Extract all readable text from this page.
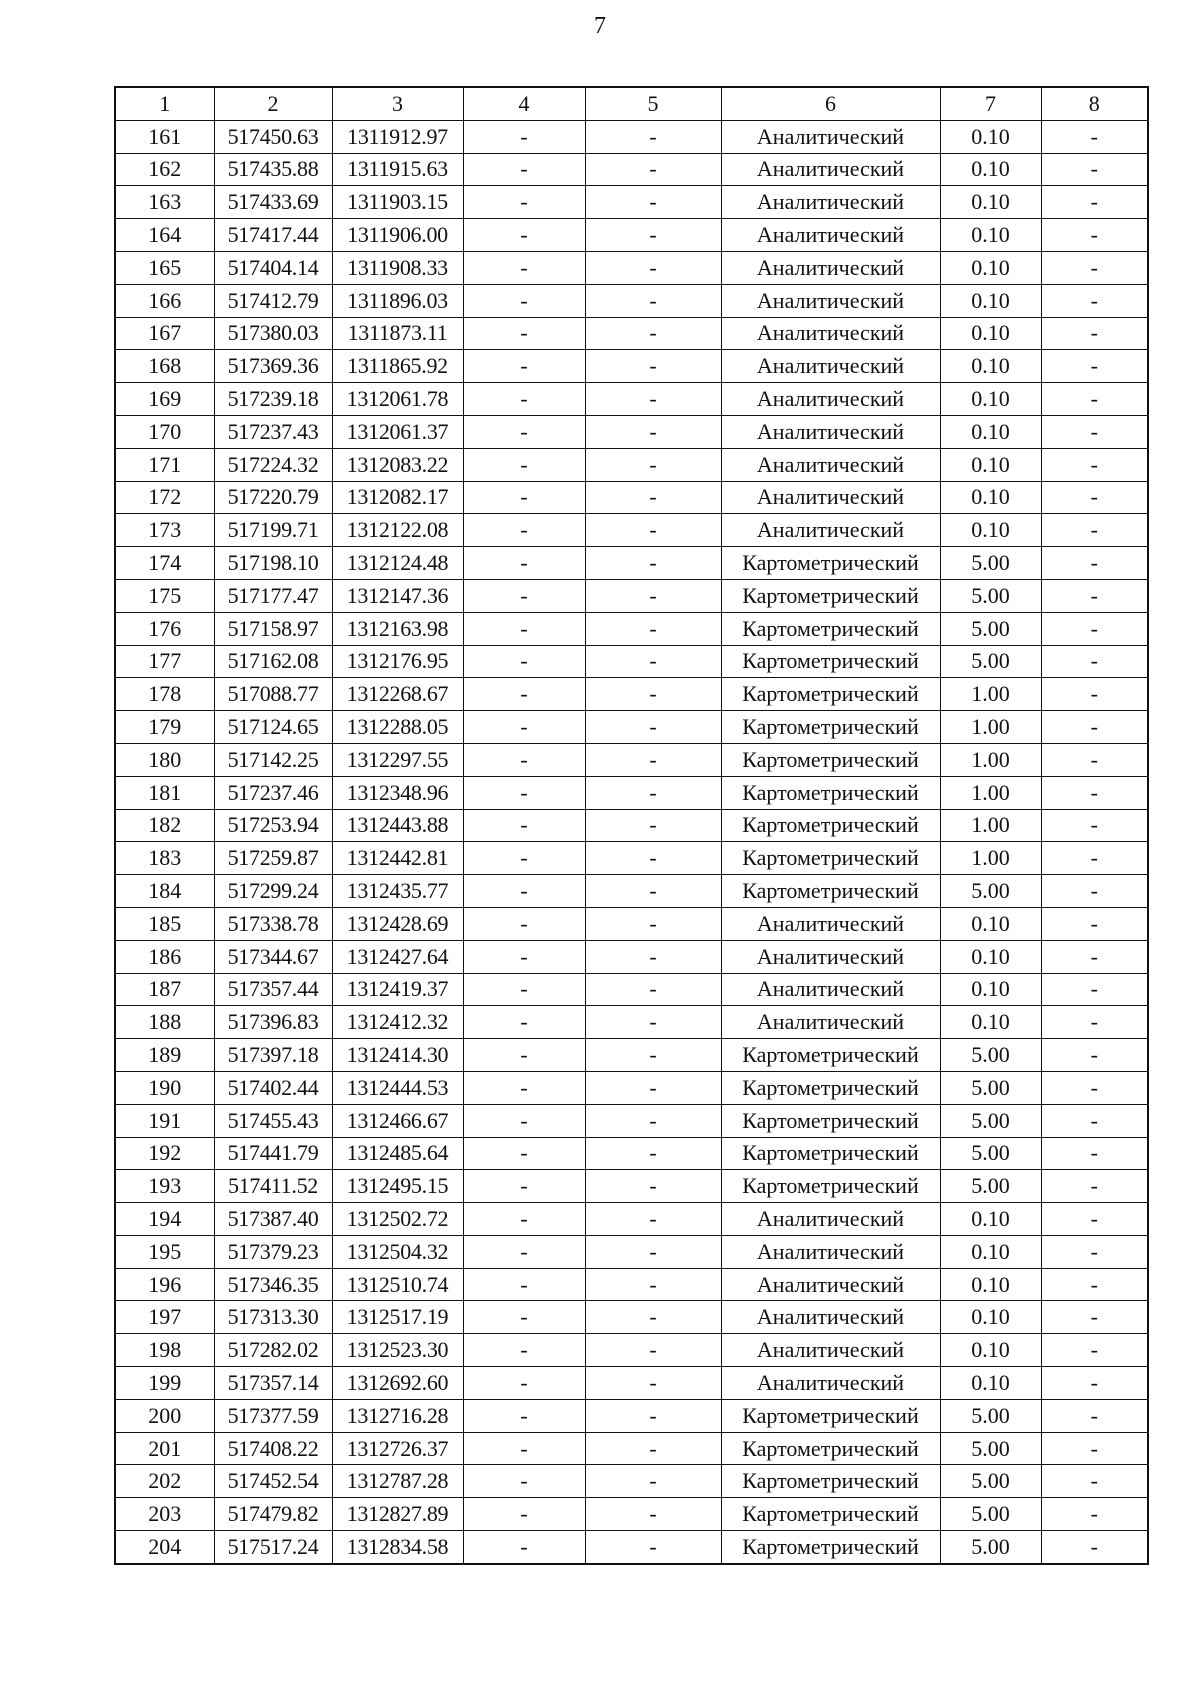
7
1	2	3	4	5	6	7	8
161	517450.63	1311912.97	-	-	Аналитический	0.10	-
162	517435.88	1311915.63	-	-	Аналитический	0.10	-
163	517433.69	1311903.15	-	-	Аналитический	0.10	-
164	517417.44	1311906.00	-	-	Аналитический	0.10	-
165	517404.14	1311908.33	-	-	Аналитический	0.10	-
166	517412.79	1311896.03	-	-	Аналитический	0.10	-
167	517380.03	1311873.11	-	-	Аналитический	0.10	-
168	517369.36	1311865.92	-	-	Аналитический	0.10	-
169	517239.18	1312061.78	-	-	Аналитический	0.10	-
170	517237.43	1312061.37	-	-	Аналитический	0.10	-
171	517224.32	1312083.22	-	-	Аналитический	0.10	-
172	517220.79	1312082.17	-	-	Аналитический	0.10	-
173	517199.71	1312122.08	-	-	Аналитический	0.10	-
174	517198.10	1312124.48	-	-	Картометрический	5.00	-
175	517177.47	1312147.36	-	-	Картометрический	5.00	-
176	517158.97	1312163.98	-	-	Картометрический	5.00	-
177	517162.08	1312176.95	-	-	Картометрический	5.00	-
178	517088.77	1312268.67	-	-	Картометрический	1.00	-
179	517124.65	1312288.05	-	-	Картометрический	1.00	-
180	517142.25	1312297.55	-	-	Картометрический	1.00	-
181	517237.46	1312348.96	-	-	Картометрический	1.00	-
182	517253.94	1312443.88	-	-	Картометрический	1.00	-
183	517259.87	1312442.81	-	-	Картометрический	1.00	-
184	517299.24	1312435.77	-	-	Картометрический	5.00	-
185	517338.78	1312428.69	-	-	Аналитический	0.10	-
186	517344.67	1312427.64	-	-	Аналитический	0.10	-
187	517357.44	1312419.37	-	-	Аналитический	0.10	-
188	517396.83	1312412.32	-	-	Аналитический	0.10	-
189	517397.18	1312414.30	-	-	Картометрический	5.00	-
190	517402.44	1312444.53	-	-	Картометрический	5.00	-
191	517455.43	1312466.67	-	-	Картометрический	5.00	-
192	517441.79	1312485.64	-	-	Картометрический	5.00	-
193	517411.52	1312495.15	-	-	Картометрический	5.00	-
194	517387.40	1312502.72	-	-	Аналитический	0.10	-
195	517379.23	1312504.32	-	-	Аналитический	0.10	-
196	517346.35	1312510.74	-	-	Аналитический	0.10	-
197	517313.30	1312517.19	-	-	Аналитический	0.10	-
198	517282.02	1312523.30	-	-	Аналитический	0.10	-
199	517357.14	1312692.60	-	-	Аналитический	0.10	-
200	517377.59	1312716.28	-	-	Картометрический	5.00	-
201	517408.22	1312726.37	-	-	Картометрический	5.00	-
202	517452.54	1312787.28	-	-	Картометрический	5.00	-
203	517479.82	1312827.89	-	-	Картометрический	5.00	-
204	517517.24	1312834.58	-	-	Картометрический	5.00	-
